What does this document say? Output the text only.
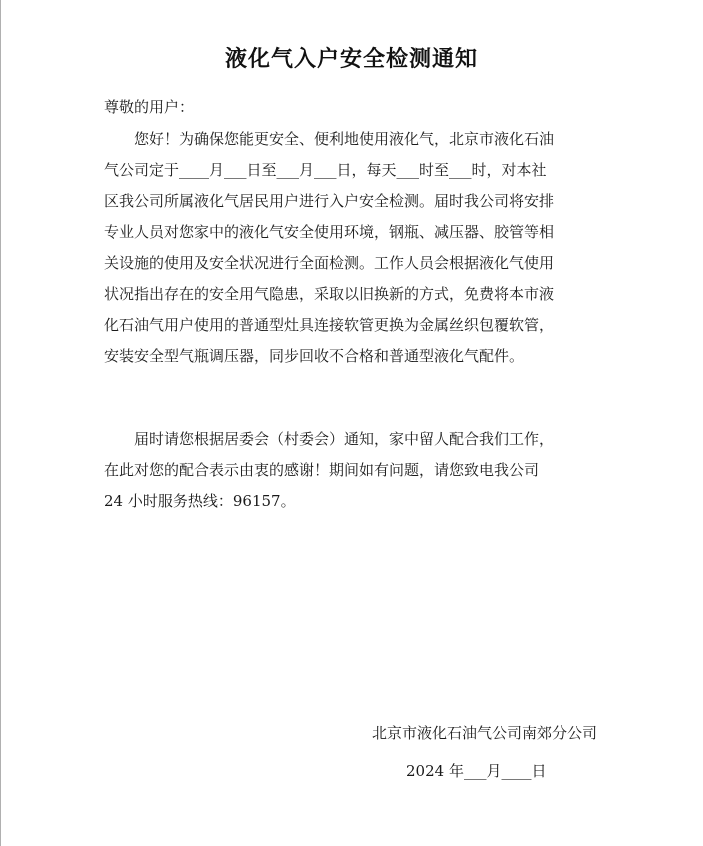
液化气入户安全检测通知
尊敬的用户：
您好！为确保您能更安全、便利地使用液化气，北京市液化石油
气公司定于____月___日至___月___日，每天___时至___时，对本社
区我公司所属液化气居民用户进行入户安全检测。届时我公司将安排
专业人员对您家中的液化气安全使用环境，钢瓶、减压器、胶管等相
关设施的使用及安全状况进行全面检测。工作人员会根据液化气使用
状况指出存在的安全用气隐患，采取以旧换新的方式，免费将本市液
化石油气用户使用的普通型灶具连接软管更换为金属丝织包覆软管，
安装安全型气瓶调压器，同步回收不合格和普通型液化气配件。
届时请您根据居委会（村委会）通知，家中留人配合我们工作，
在此对您的配合表示由衷的感谢！期间如有问题，请您致电我公司
24 小时服务热线：96157。
北京市液化石油气公司南郊分公司
2024 年___月____日
